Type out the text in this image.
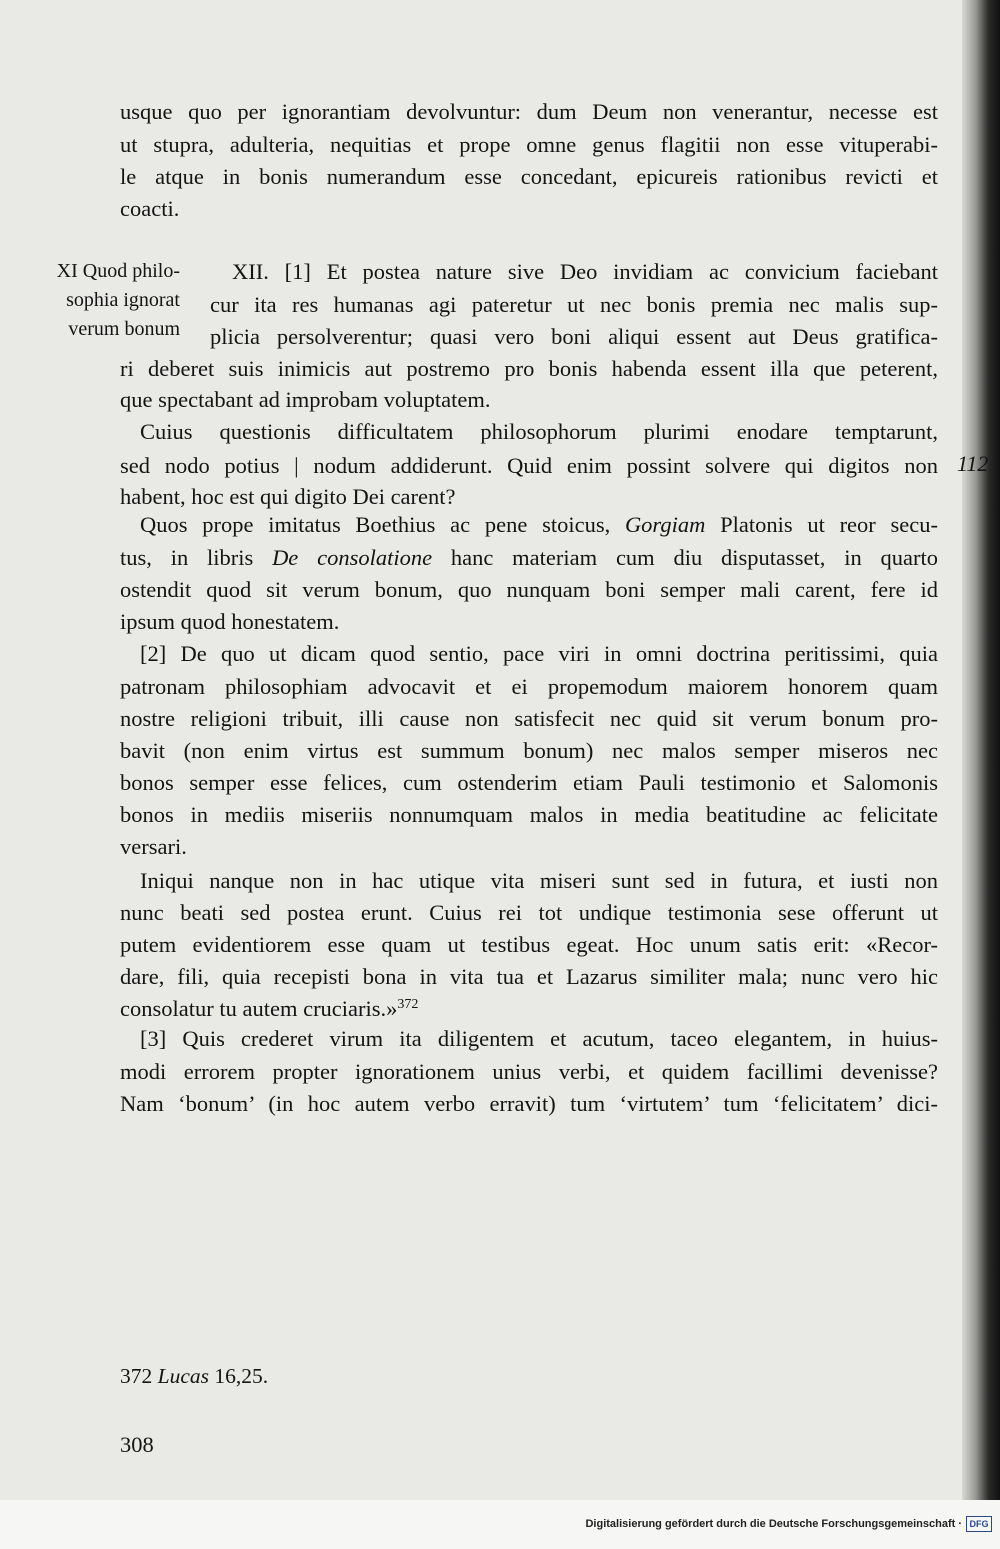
XI Quod philo-
sophia ignorat
verum bonum
112
usque quo per ignorantiam devolvuntur: dum Deum non venerantur, necesse est
ut stupra, adulteria, nequitias et prope omne genus flagitii non esse vituperabi-
le atque in bonis numerandum esse concedant, epicureis rationibus revicti et
coacti.
XII. [1] Et postea nature sive Deo invidiam ac convicium faciebant
cur ita res humanas agi pateretur ut nec bonis premia nec malis sup-
plicia persolverentur; quasi vero boni aliqui essent aut Deus gratifica-
ri deberet suis inimicis aut postremo pro bonis habenda essent illa que peterent,
que spectabant ad improbam voluptatem.
Cuius questionis difficultatem philosophorum plurimi enodare temptarunt,
sed nodo potius | nodum addiderunt. Quid enim possint solvere qui digitos non
habent, hoc est qui digito Dei carent?
Quos prope imitatus Boethius ac pene stoicus, Gorgiam Platonis ut reor secu-
tus, in libris De consolatione hanc materiam cum diu disputasset, in quarto
ostendit quod sit verum bonum, quo nunquam boni semper mali carent, fere id
ipsum quod honestatem.
[2] De quo ut dicam quod sentio, pace viri in omni doctrina peritissimi, quia
patronam philosophiam advocavit et ei propemodum maiorem honorem quam
nostre religioni tribuit, illi cause non satisfecit nec quid sit verum bonum pro-
bavit (non enim virtus est summum bonum) nec malos semper miseros nec
bonos semper esse felices, cum ostenderim etiam Pauli testimonio et Salomonis
bonos in mediis miseriis nonnumquam malos in media beatitudine ac felicitate
versari.
Iniqui nanque non in hac utique vita miseri sunt sed in futura, et iusti non
nunc beati sed postea erunt. Cuius rei tot undique testimonia sese offerunt ut
putem evidentiorem esse quam ut testibus egeat. Hoc unum satis erit: «Recor-
dare, fili, quia recepisti bona in vita tua et Lazarus similiter mala; nunc vero hic
consolatur tu autem cruciaris.»$^{372}$
[3] Quis crederet virum ita diligentem et acutum, taceo elegantem, in huius-
modi errorem propter ignorationem unius verbi, et quidem facillimi devenisse?
Nam ‘bonum’ (in hoc autem verbo erravit) tum ‘virtutem’ tum ‘felicitatem’ dici-
372 Lucas 16,25.
308
Digitalisierung gefördert durch die Deutsche Forschungsgemeinschaft · DFG
